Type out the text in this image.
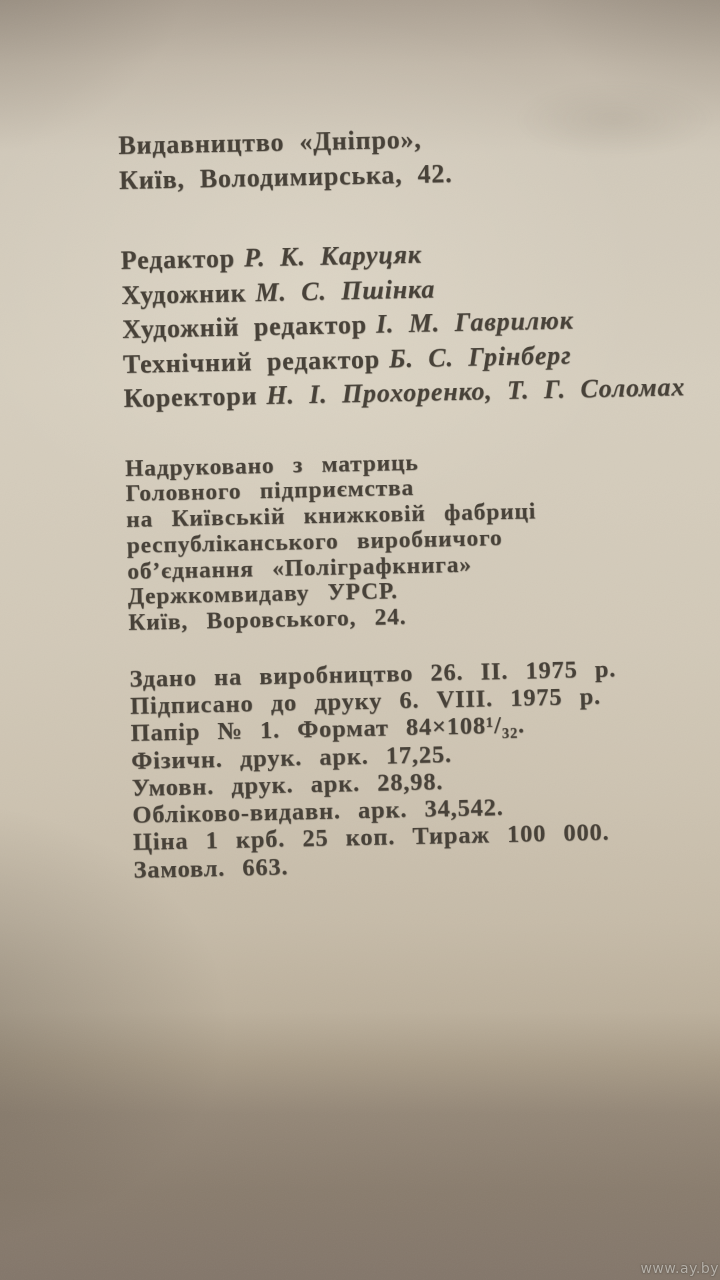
Видавництво «Дніпро»,
Київ, Володимирська, 42.
Редактор Р. К. Каруцяк
Художник М. С. Пшінка
Художній редактор І. М. Гаврилюк
Технічний редактор Б. С. Грінберг
Коректори Н. І. Прохоренко, Т. Г. Соломах
Надруковано з матриць
Головного підприємства
на Київській книжковій фабриці
республіканського виробничого
об’єднання «Поліграфкнига»
Держкомвидаву УРСР.
Київ, Воровського, 24.
Здано на виробництво 26. II. 1975 р.
Підписано до друку 6. VIII. 1975 р.
Папір № 1. Формат 84×108¹/₃₂.
Фізичн. друк. арк. 17,25.
Умовн. друк. арк. 28,98.
Обліково-видавн. арк. 34,542.
Ціна 1 крб. 25 коп. Тираж 100 000.
Замовл. 663.
www.ay.by
